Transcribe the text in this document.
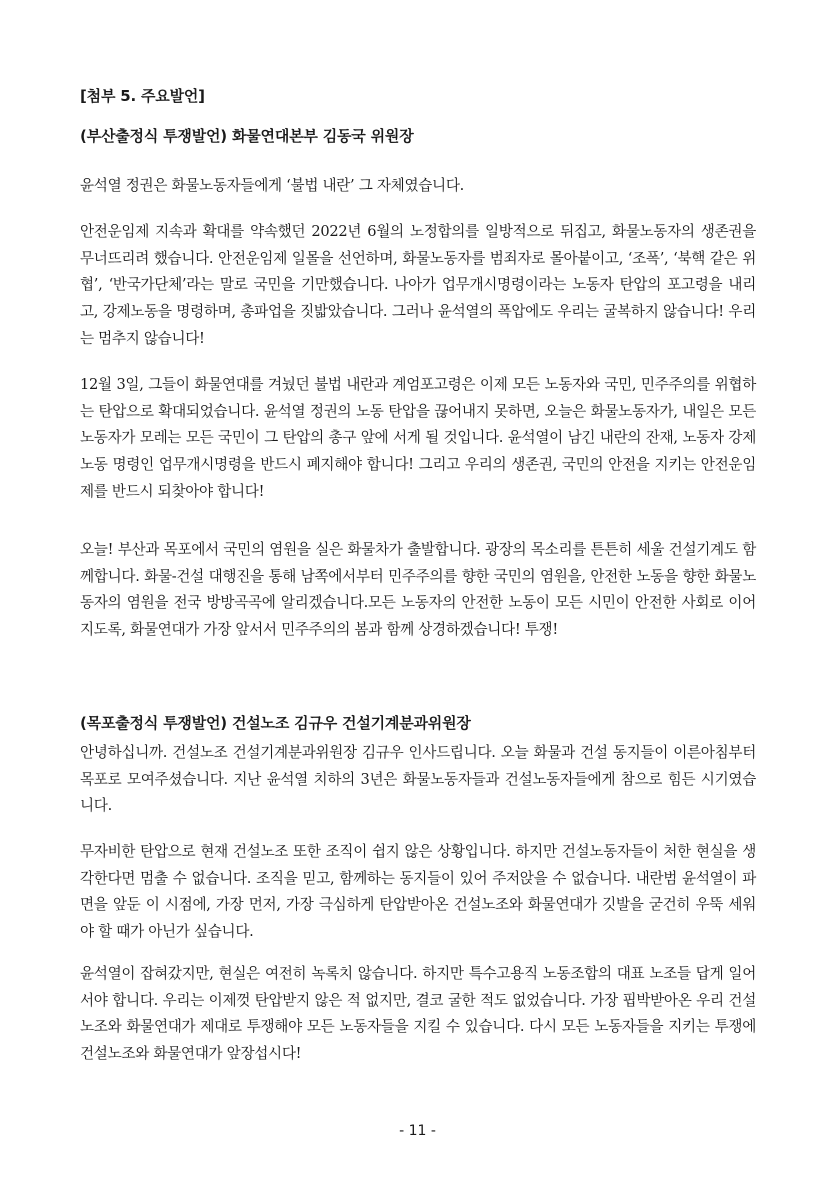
[첨부 5. 주요발언]
(부산출정식 투쟁발언) 화물연대본부 김동국 위원장

윤석열 정권은 화물노동자들에게 ‘불법 내란’ 그 자체였습니다.

안전운임제 지속과 확대를 약속했던 2022년 6월의 노정합의를 일방적으로 뒤집고, 화물노동자의 생존권을 무너뜨리려 했습니다. 안전운임제 일몰을 선언하며, 화물노동자를 범죄자로 몰아붙이고, ‘조폭’, ‘북핵 같은 위협’, ‘반국가단체’라는 말로 국민을 기만했습니다. 나아가 업무개시명령이라는 노동자 탄압의 포고령을 내리고, 강제노동을 명령하며, 총파업을 짓밟았습니다. 그러나 윤석열의 폭압에도 우리는 굴복하지 않습니다! 우리는 멈추지 않습니다!

12월 3일, 그들이 화물연대를 겨눴던 불법 내란과 계엄포고령은 이제 모든 노동자와 국민, 민주주의를 위협하는 탄압으로 확대되었습니다. 윤석열 정권의 노동 탄압을 끊어내지 못하면, 오늘은 화물노동자가, 내일은 모든 노동자가 모레는 모든 국민이 그 탄압의 총구 앞에 서게 될 것입니다. 윤석열이 남긴 내란의 잔재, 노동자 강제노동 명령인 업무개시명령을 반드시 폐지해야 합니다! 그리고 우리의 생존권, 국민의 안전을 지키는 안전운임제를 반드시 되찾아야 합니다!

오늘! 부산과 목포에서 국민의 염원을 실은 화물차가 출발합니다. 광장의 목소리를 튼튼히 세울 건설기계도 함께합니다. 화물-건설 대행진을 통해 남쪽에서부터 민주주의를 향한 국민의 염원을, 안전한 노동을 향한 화물노동자의 염원을 전국 방방곡곡에 알리겠습니다.모든 노동자의 안전한 노동이 모든 시민이 안전한 사회로 이어지도록, 화물연대가 가장 앞서서 민주주의의 봄과 함께 상경하겠습니다! 투쟁!

(목포출정식 투쟁발언) 건설노조 김규우 건설기계분과위원장

안녕하십니까. 건설노조 건설기계분과위원장 김규우 인사드립니다. 오늘 화물과 건설 동지들이 이른아침부터 목포로 모여주셨습니다. 지난 윤석열 치하의 3년은 화물노동자들과 건설노동자들에게 참으로 힘든 시기였습니다.

무자비한 탄압으로 현재 건설노조 또한 조직이 쉽지 않은 상황입니다. 하지만 건설노동자들이 처한 현실을 생각한다면 멈출 수 없습니다. 조직을 믿고, 함께하는 동지들이 있어 주저앉을 수 없습니다. 내란범 윤석열이 파면을 앞둔 이 시점에, 가장 먼저, 가장 극심하게 탄압받아온 건설노조와 화물연대가 깃발을 굳건히 우뚝 세워야 할 때가 아닌가 싶습니다.

윤석열이 잡혀갔지만, 현실은 여전히 녹록치 않습니다. 하지만 특수고용직 노동조합의 대표 노조들 답게 일어서야 합니다. 우리는 이제껏 탄압받지 않은 적 없지만, 결코 굴한 적도 없었습니다. 가장 핍박받아온 우리 건설노조와 화물연대가 제대로 투쟁해야 모든 노동자들을 지킬 수 있습니다. 다시 모든 노동자들을 지키는 투쟁에 건설노조와 화물연대가 앞장섭시다!

- 11 -
